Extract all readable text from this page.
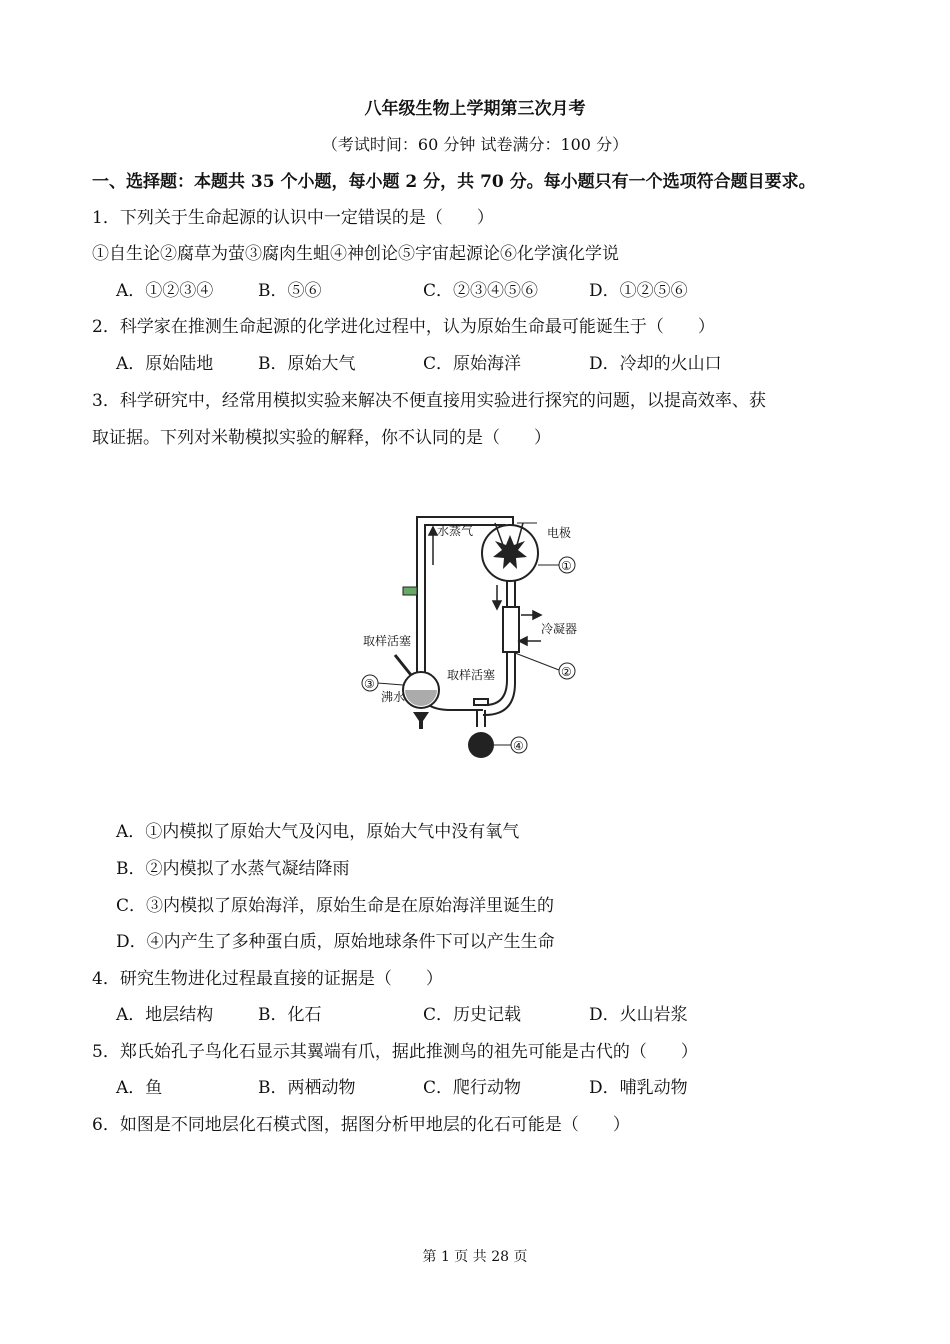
八年级生物上学期第三次月考
（考试时间：60 分钟 试卷满分：100 分）
一、选择题：本题共 35 个小题，每小题 2 分，共 70 分。每小题只有一个选项符合题目要求。
1．下列关于生命起源的认识中一定错误的是（　　）
①自生论②腐草为萤③腐肉生蛆④神创论⑤宇宙起源论⑥化学演化学说
A．①②③④	B．⑤⑥	C．②③④⑤⑥	D．①②⑤⑥
2．科学家在推测生命起源的化学进化过程中，认为原始生命最可能诞生于（　　）
A．原始陆地	B．原始大气	C．原始海洋	D．冷却的火山口
3．科学研究中，经常用模拟实验来解决不便直接用实验进行探究的问题，以提高效率、获
取证据。下列对米勒模拟实验的解释，你不认同的是（　　）
水蒸气	电极
冷凝器
取样活塞
取样活塞
沸水
①
②
③
④
A．①内模拟了原始大气及闪电，原始大气中没有氧气
B．②内模拟了水蒸气凝结降雨
C．③内模拟了原始海洋，原始生命是在原始海洋里诞生的
D．④内产生了多种蛋白质，原始地球条件下可以产生生命
4．研究生物进化过程最直接的证据是（　　）
A．地层结构	B．化石	C．历史记载	D．火山岩浆
5．郑氏始孔子鸟化石显示其翼端有爪，据此推测鸟的祖先可能是古代的（　　）
A．鱼	B．两栖动物	C．爬行动物	D．哺乳动物
6．如图是不同地层化石模式图，据图分析甲地层的化石可能是（　　）
第 1 页 共 28 页
